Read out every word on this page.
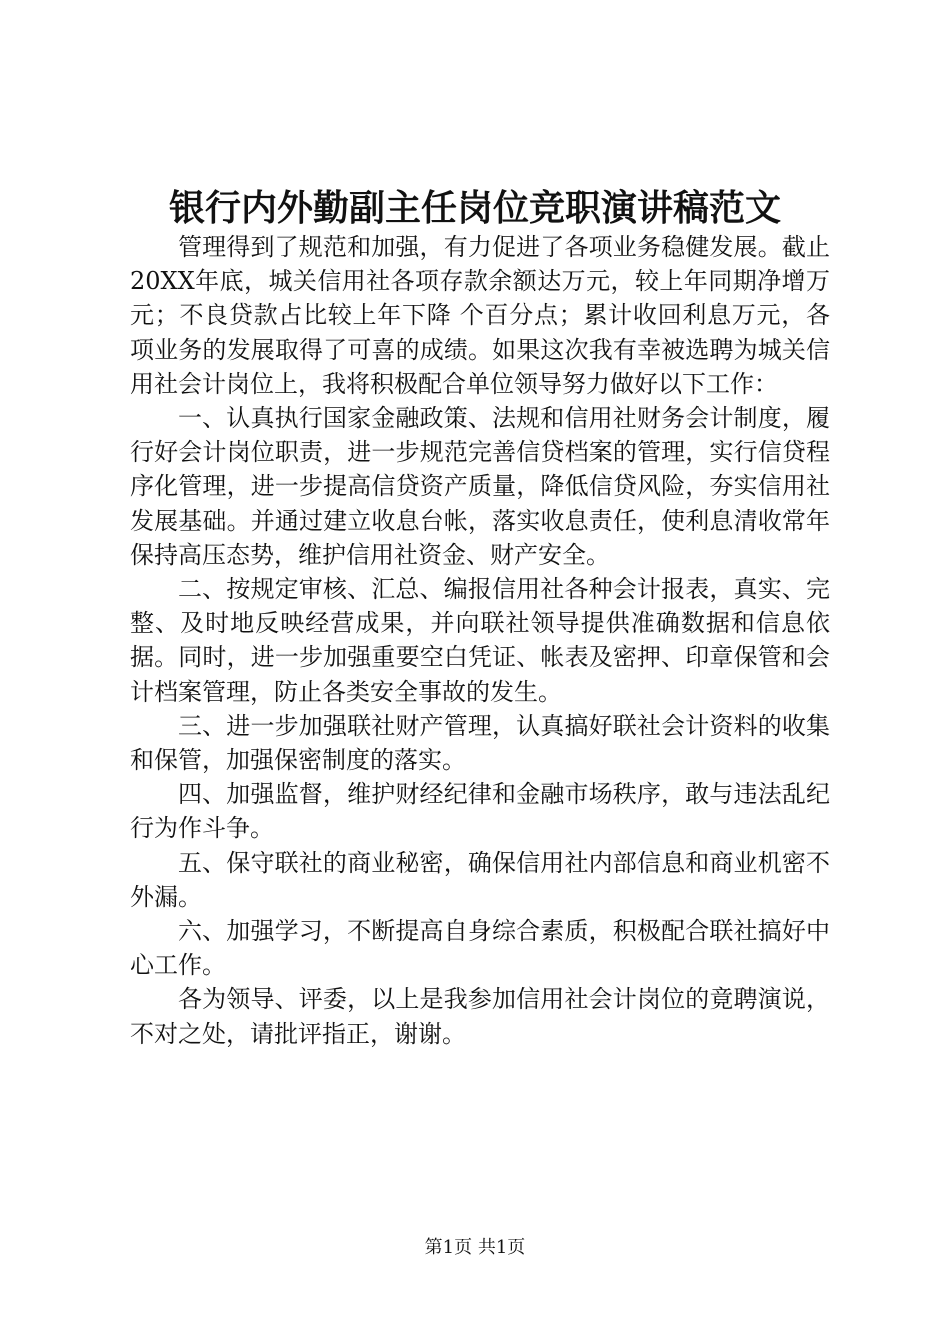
银行内外勤副主任岗位竞职演讲稿范文

管理得到了规范和加强，有力促进了各项业务稳健发展。截止20XX年底，城关信用社各项存款余额达万元，较上年同期净增万元；不良贷款占比较上年下降 个百分点；累计收回利息万元，各项业务的发展取得了可喜的成绩。如果这次我有幸被选聘为城关信用社会计岗位上，我将积极配合单位领导努力做好以下工作：

一、认真执行国家金融政策、法规和信用社财务会计制度，履行好会计岗位职责，进一步规范完善信贷档案的管理，实行信贷程序化管理，进一步提高信贷资产质量，降低信贷风险，夯实信用社发展基础。并通过建立收息台帐，落实收息责任，使利息清收常年保持高压态势，维护信用社资金、财产安全。

二、按规定审核、汇总、编报信用社各种会计报表，真实、完整、及时地反映经营成果，并向联社领导提供准确数据和信息依据。同时，进一步加强重要空白凭证、帐表及密押、印章保管和会计档案管理，防止各类安全事故的发生。

三、进一步加强联社财产管理，认真搞好联社会计资料的收集和保管，加强保密制度的落实。

四、加强监督，维护财经纪律和金融市场秩序，敢与违法乱纪行为作斗争。

五、保守联社的商业秘密，确保信用社内部信息和商业机密不外漏。

六、加强学习，不断提高自身综合素质，积极配合联社搞好中心工作。

各为领导、评委，以上是我参加信用社会计岗位的竟聘演说，不对之处，请批评指正，谢谢。

第1页 共1页
